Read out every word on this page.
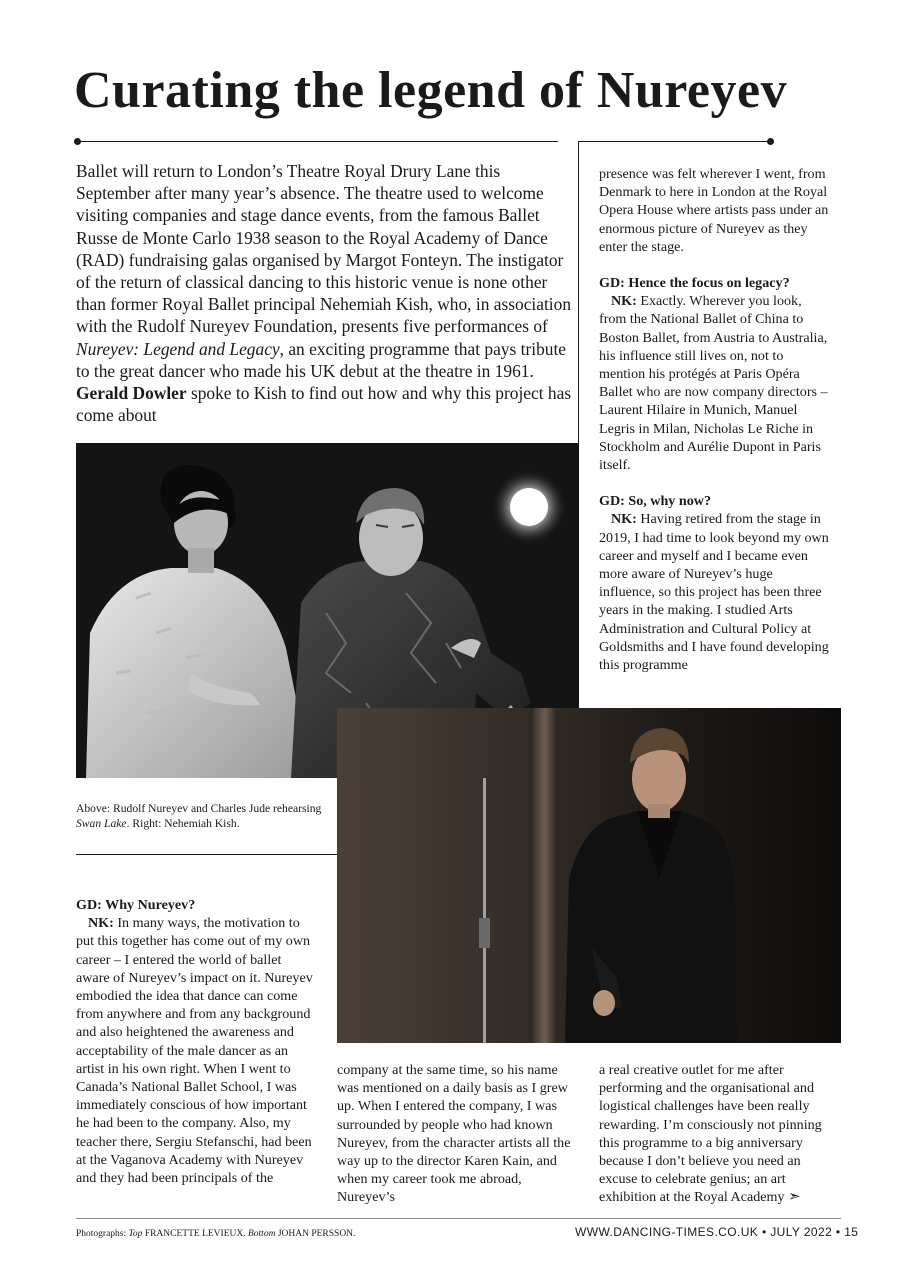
Curating the legend of Nureyev

Ballet will return to London’s Theatre Royal Drury Lane this September after many year’s absence. The theatre used to welcome visiting companies and stage dance events, from the famous Ballet Russe de Monte Carlo 1938 season to the Royal Academy of Dance (RAD) fundraising galas organised by Margot Fonteyn. The instigator of the return of classical dancing to this historic venue is none other than former Royal Ballet principal Nehemiah Kish, who, in association with the Rudolf Nureyev Foundation, presents five performances of Nureyev: Legend and Legacy, an exciting programme that pays tribute to the great dancer who made his UK debut at the theatre in 1961. Gerald Dowler spoke to Kish to find out how and why this project has come about

presence was felt wherever I went, from Denmark to here in London at the Royal Opera House where artists pass under an enormous picture of Nureyev as they enter the stage.

GD: Hence the focus on legacy?

NK: Exactly. Wherever you look, from the National Ballet of China to Boston Ballet, from Austria to Australia, his influence still lives on, not to mention his protégés at Paris Opéra Ballet who are now company directors – Laurent Hilaire in Munich, Manuel Legris in Milan, Nicholas Le Riche in Stockholm and Aurélie Dupont in Paris itself.

GD: So, why now?

NK: Having retired from the stage in 2019, I had time to look beyond my own career and myself and I became even more aware of Nureyev’s huge influence, so this project has been three years in the making. I studied Arts Administration and Cultural Policy at Goldsmiths and I have found developing this programme

Above: Rudolf Nureyev and Charles Jude rehearsing Swan Lake. Right: Nehemiah Kish.

GD: Why Nureyev?

NK: In many ways, the motivation to put this together has come out of my own career – I entered the world of ballet aware of Nureyev’s impact on it. Nureyev embodied the idea that dance can come from anywhere and from any background and also heightened the awareness and acceptability of the male dancer as an artist in his own right. When I went to Canada’s National Ballet School, I was immediately conscious of how important he had been to the company. Also, my teacher there, Sergiu Stefanschi, had been at the Vaganova Academy with Nureyev and they had been principals of the

company at the same time, so his name was mentioned on a daily basis as I grew up. When I entered the company, I was surrounded by people who had known Nureyev, from the character artists all the way up to the director Karen Kain, and when my career took me abroad, Nureyev’s

a real creative outlet for me after performing and the organisational and logistical challenges have been really rewarding. I’m consciously not pinning this programme to a big anniversary because I don’t believe you need an excuse to celebrate genius; an art exhibition at the Royal Academy ➣

Photographs: Top FRANCETTE LEVIEUX. Bottom JOHAN PERSSON.	WWW.DANCING-TIMES.CO.UK • JULY 2022 • 15
